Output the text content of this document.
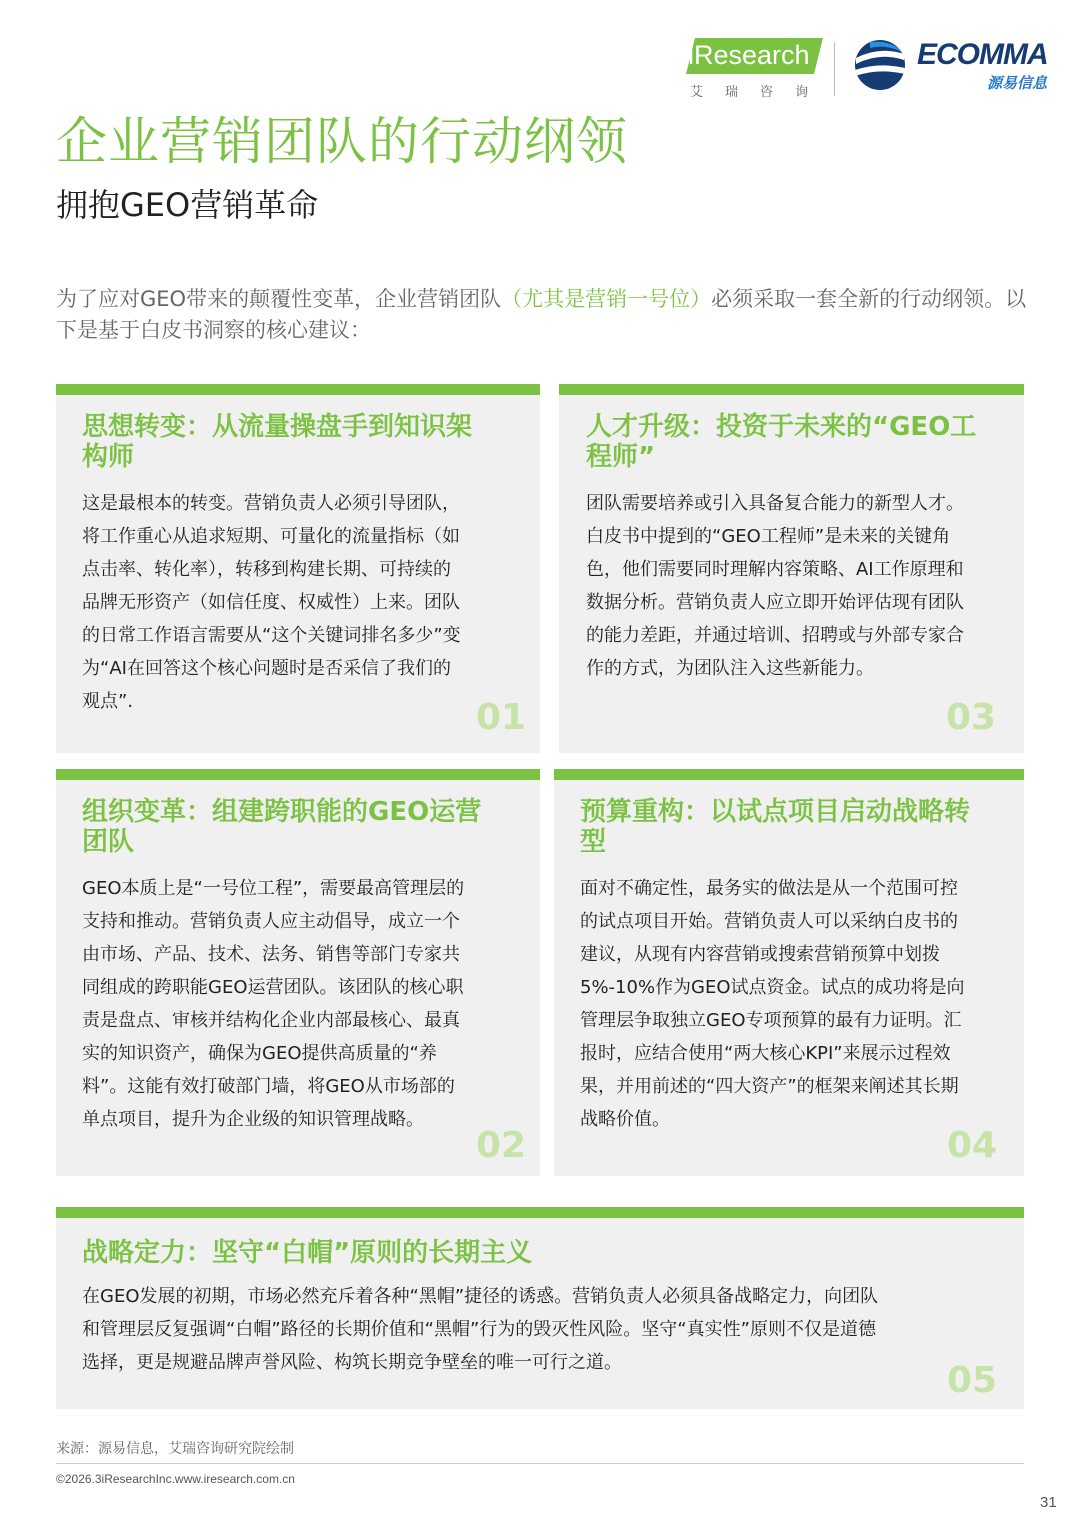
iResearch
艾瑞咨询
ECOMMA
源易信息
企业营销团队的行动纲领
拥抱GEO营销革命
为了应对GEO带来的颠覆性变革，企业营销团队（尤其是营销一号位）必须采取一套全新的行动纲领。以下是基于白皮书洞察的核心建议：
思想转变：从流量操盘手到知识架构师
这是最根本的转变。营销负责人必须引导团队，将工作重心从追求短期、可量化的流量指标（如点击率、转化率），转移到构建长期、可持续的品牌无形资产（如信任度、权威性）上来。团队的日常工作语言需要从“这个关键词排名多少”变为“AI在回答这个核心问题时是否采信了我们的观点”.	01
人才升级：投资于未来的“GEO工程师”
团队需要培养或引入具备复合能力的新型人才。白皮书中提到的“GEO工程师”是未来的关键角色，他们需要同时理解内容策略、AI工作原理和数据分析。营销负责人应立即开始评估现有团队的能力差距，并通过培训、招聘或与外部专家合作的方式，为团队注入这些新能力。
03
组织变革：组建跨职能的GEO运营团队
GEO本质上是“一号位工程”，需要最高管理层的支持和推动。营销负责人应主动倡导，成立一个由市场、产品、技术、法务、销售等部门专家共同组成的跨职能GEO运营团队。该团队的核心职责是盘点、审核并结构化企业内部最核心、最真实的知识资产，确保为GEO提供高质量的“养料”。这能有效打破部门墙，将GEO从市场部的单点项目，提升为企业级的知识管理战略。
02
预算重构：以试点项目启动战略转型
面对不确定性，最务实的做法是从一个范围可控的试点项目开始。营销负责人可以采纳白皮书的建议，从现有内容营销或搜索营销预算中划拨5%-10%作为GEO试点资金。试点的成功将是向管理层争取独立GEO专项预算的最有力证明。汇报时，应结合使用“两大核心KPI”来展示过程效果，并用前述的“四大资产”的框架来阐述其长期战略价值。
04
战略定力：坚守“白帽”原则的长期主义
在GEO发展的初期，市场必然充斥着各种“黑帽”捷径的诱惑。营销负责人必须具备战略定力，向团队和管理层反复强调“白帽”路径的长期价值和“黑帽”行为的毁灭性风险。坚守“真实性”原则不仅是道德选择，更是规避品牌声誉风险、构筑长期竞争壁垒的唯一可行之道。	05
来源：源易信息，艾瑞咨询研究院绘制
©2026.3iResearchInc.www.iresearch.com.cn
31
